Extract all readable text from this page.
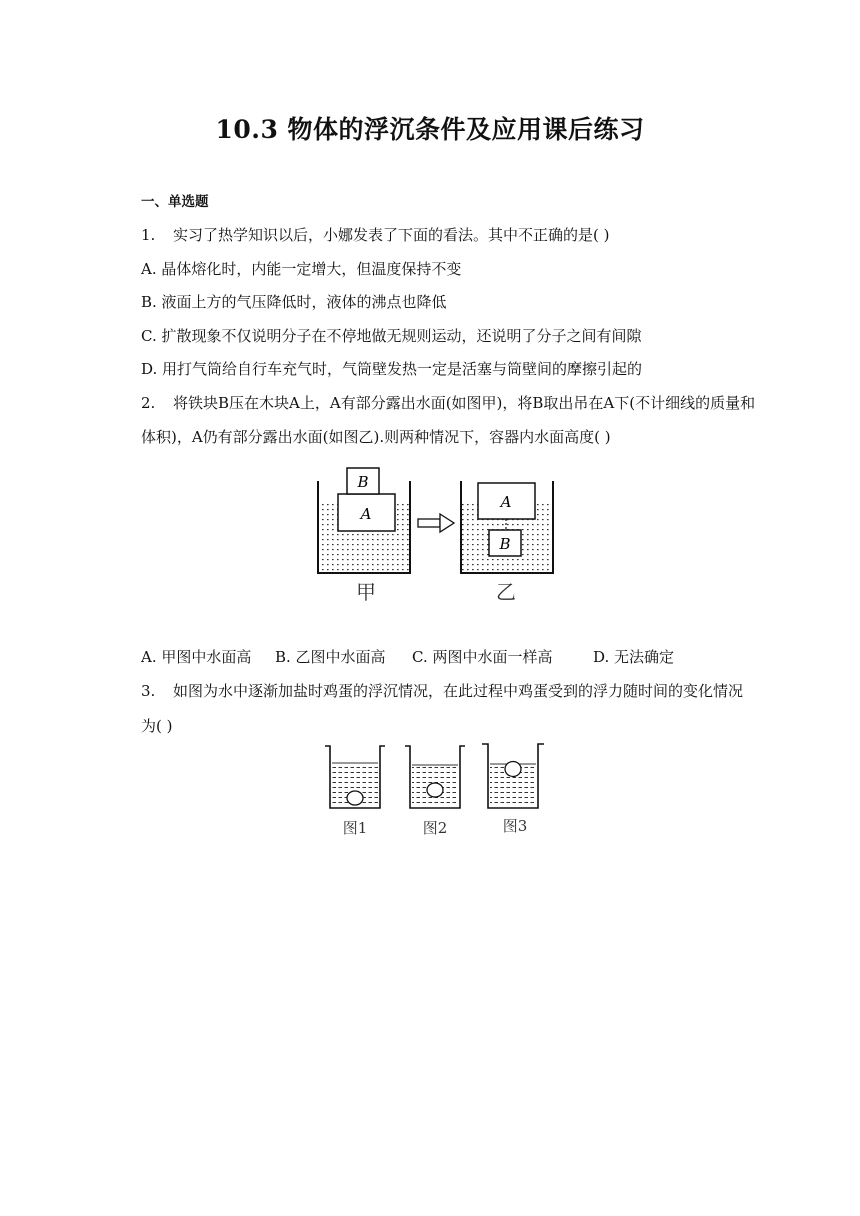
10.3 物体的浮沉条件及应用课后练习
一、单选题
1. 实习了热学知识以后，小娜发表了下面的看法。其中不正确的是( )
A. 晶体熔化时，内能一定增大，但温度保持不变
B. 液面上方的气压降低时，液体的沸点也降低
C. 扩散现象不仅说明分子在不停地做无规则运动，还说明了分子之间有间隙
D. 用打气筒给自行车充气时，气筒壁发热一定是活塞与筒壁间的摩擦引起的
2. 将铁块B压在木块A上，A有部分露出水面(如图甲)，将B取出吊在A下(不计细线的质量和
体积)，A仍有部分露出水面(如图乙).则两种情况下，容器内水面高度( )
A
B
A
B
甲	乙
A. 甲图中水面高 B. 乙图中水面高 C. 两图中水面一样高	D. 无法确定
3. 如图为水中逐渐加盐时鸡蛋的浮沉情况，在此过程中鸡蛋受到的浮力随时间的变化情况
为( )
图1	图2	图3
